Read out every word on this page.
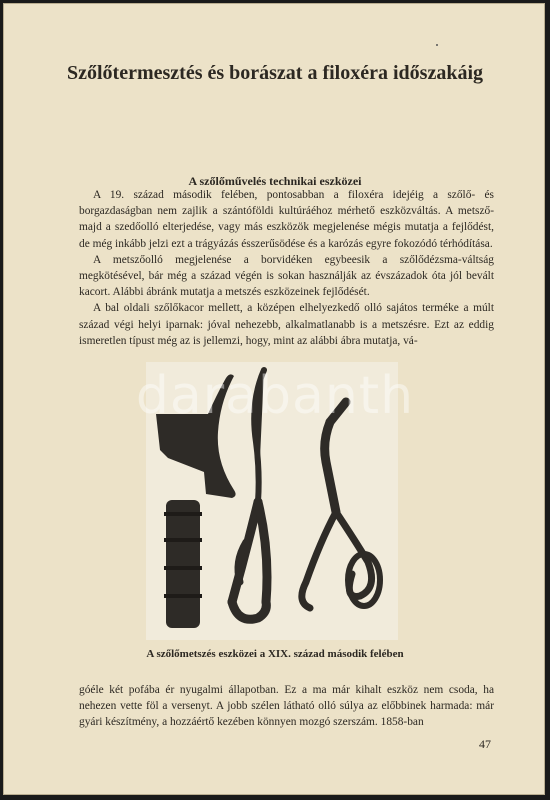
Szőlőtermesztés és borászat a filoxéra időszakáig
A szőlőművelés technikai eszközei

A 19. század második felében, pontosabban a filoxéra idejéig a szőlő- és borgazdaságban nem zajlik a szántóföldi kultúráéhoz mérhető eszközváltás. A metsző- majd a szedőolló elterjedése, vagy más eszközök megjelenése mégis mutatja a fejlődést, de még inkább jelzi ezt a trágyázás ésszerűsödése és a karózás egyre fokozódó térhódítása.

A metszőolló megjelenése a borvidéken egybeesik a szőlődézsma-váltság megkötésével, bár még a század végén is sokan használják az évszázadok óta jól bevált kacort. Alábbi ábránk mutatja a metszés eszközeinek fejlődését.

A bal oldali szőlőkacor mellett, a középen elhelyezkedő olló sajátos terméke a múlt század végi helyi iparnak: jóval nehezebb, alkalmatlanabb is a metszésre. Ezt az eddig ismeretlen típust még az is jellemzi, hogy, mint az alábbi ábra mutatja, vá-

A szőlőmetszés eszközei a XIX. század második felében

góéle két pofába ér nyugalmi állapotban. Ez a ma már kihalt eszköz nem csoda, ha nehezen vette föl a versenyt. A jobb szélen látható olló súlya az előbbinek harmada: már gyári készítmény, a hozzáértő kezében könnyen mozgó szerszám. 1858-ban

47
darabanth
